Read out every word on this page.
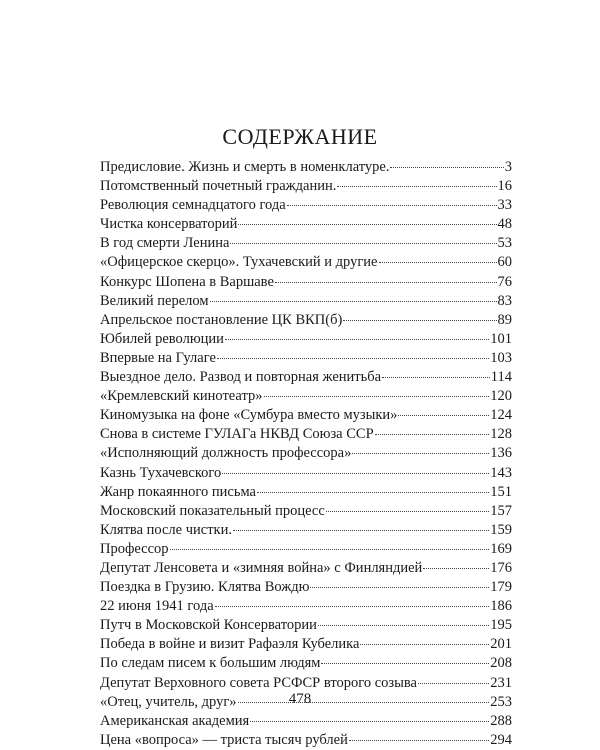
СОДЕРЖАНИЕ
Предисловие. Жизнь и смерть в номенклатуре.	3
Потомственный почетный гражданин.	16
Революция семнадцатого года	33
Чистка консерваторий	48
В год смерти Ленина	53
«Офицерское скерцо». Тухачевский и другие	60
Конкурс Шопена в Варшаве	76
Великий перелом	83
Апрельское постановление ЦК ВКП(б)	89
Юбилей революции	101
Впервые на Гулаге	103
Выездное дело. Развод и повторная женитьба	114
«Кремлевский кинотеатр»	120
Киномузыка на фоне «Сумбура вместо музыки»	124
Снова в системе ГУЛАГа НКВД Союза ССР	128
«Исполняющий должность профессора»	136
Казнь Тухачевского	143
Жанр покаянного письма	151
Московский показательный процесс	157
Клятва после чистки.	159
Профессор	169
Депутат Ленсовета и «зимняя война» с Финляндией	176
Поездка в Грузию. Клятва Вождю	179
22 июня 1941 года	186
Путч в Московской Консерватории	195
Победа в войне и визит Рафаэля Кубелика	201
По следам писем к большим людям	208
Депутат Верховного совета РСФСР второго созыва	231
«Отец, учитель, друг»	253
Американская академия	288
Цена «вопроса» — триста тысяч рублей	294
478
